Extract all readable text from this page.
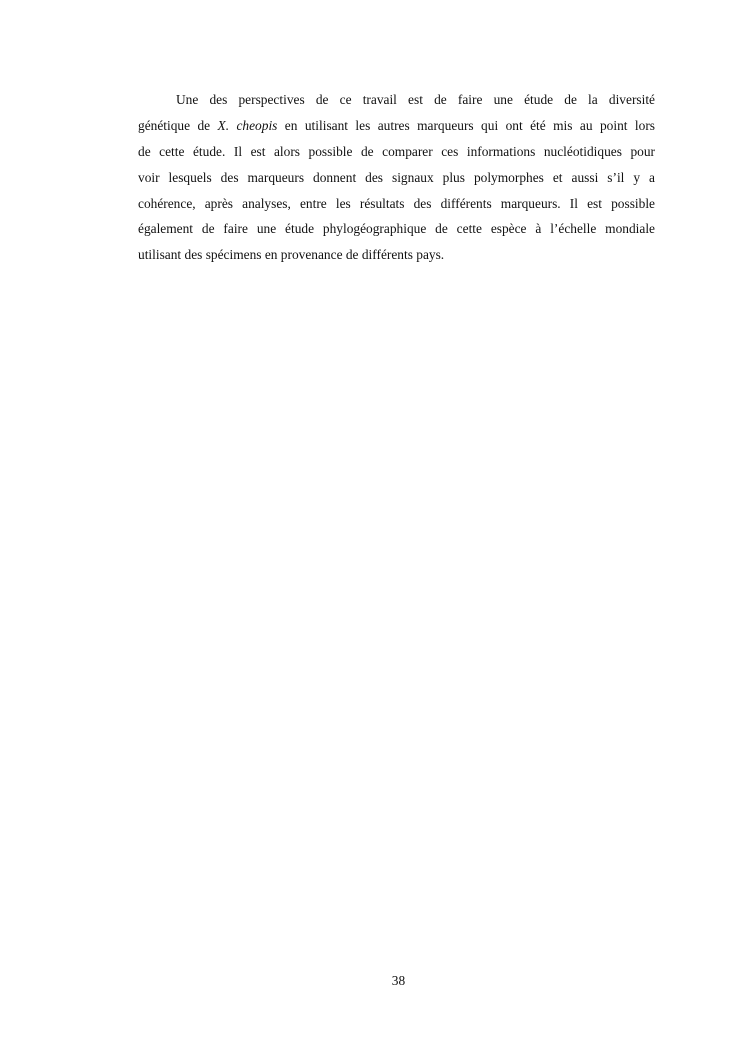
Une des perspectives de ce travail est de faire une étude de la diversité
génétique de X. cheopis en utilisant les autres marqueurs qui ont été mis au point lors
de cette étude. Il est alors possible de comparer ces informations nucléotidiques pour
voir lesquels des marqueurs donnent des signaux plus polymorphes et aussi s’il y a
cohérence, après analyses, entre les résultats des différents marqueurs. Il est possible
également de faire une étude phylogéographique de cette espèce à l’échelle mondiale
utilisant des spécimens en provenance de différents pays.
38
